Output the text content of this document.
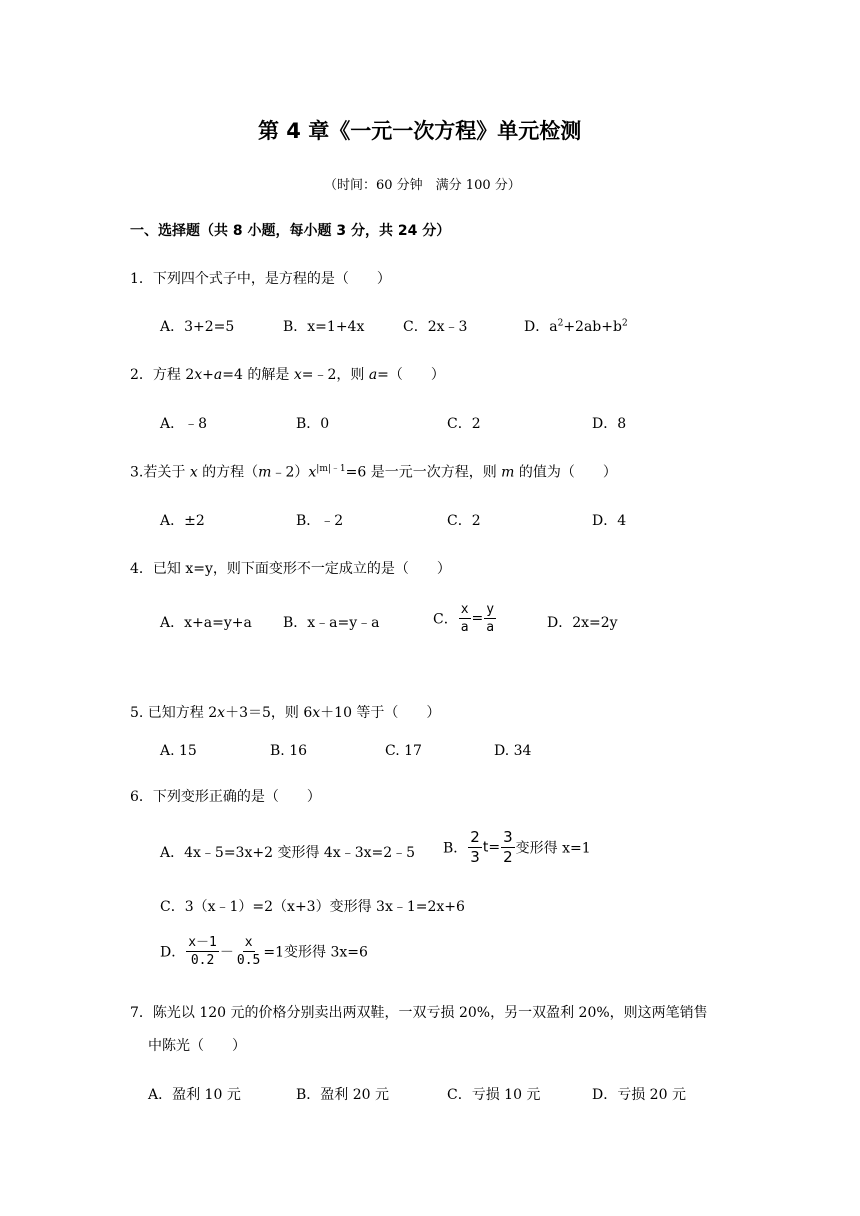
第 4 章《一元一次方程》单元检测
（时间：60 分钟　满分 100 分）
一、选择题（共 8 小题，每小题 3 分，共 24 分）
1．下列四个式子中，是方程的是（　　）
A．3+2=5	B．x=1+4x	C．2x﹣3	D．$a^2+2ab+b^2$
2．方程 2x+a=4 的解是 x=﹣2，则 a=（　　）
A．﹣8	B．0	C．2	D．8
3.若关于 x 的方程$(m﹣2)x^{|m|﹣1}=6$ 是一元一次方程，则 m 的值为（　　）
A．±2	B．﹣2	C．2	D．4
4．已知 x=y，则下面变形不一定成立的是（　　）
A．x+a=y+a B．x﹣a=y﹣a	C． $\frac{x}{a} = \frac{y}{a}$	D．2x=2y
5. 已知方程 2x＋3＝5，则 6x＋10 等于（　　）
A. 15	B. 16	C. 17	D. 34
6．下列变形正确的是（　　）
A．4x﹣5=3x+2 变形得 4x﹣3x=2﹣5 B． $\frac{2}{3} t= \frac{3}{2}$ 变形得 x=1
C．3（x﹣1）=2（x+3）变形得 3x﹣1=2x+6
D． $\frac{x-1}{0.2} - \frac{x}{0.5} =1$变形得 3x=6
7．陈光以 120 元的价格分别卖出两双鞋，一双亏损 20%，另一双盈利 20%，则这两笔销售
中陈光（　　）
A．盈利 10 元	B．盈利 20 元	C．亏损 10 元	D．亏损 20 元
